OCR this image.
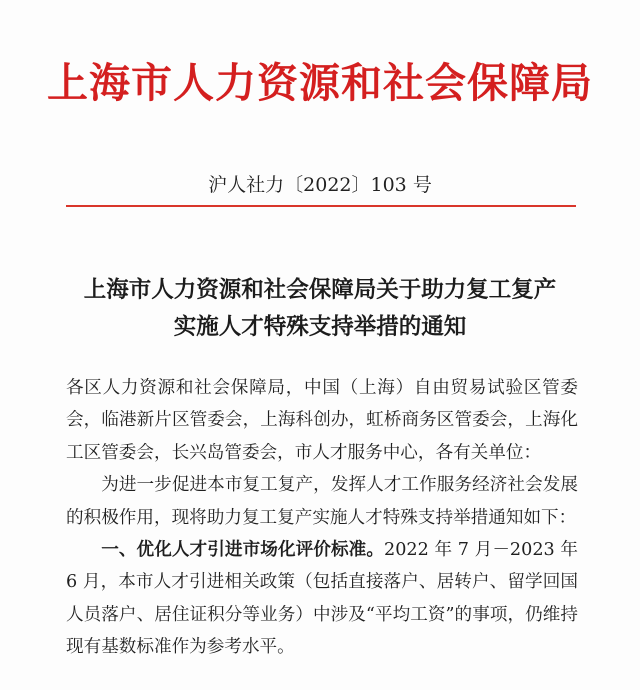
上海市人力资源和社会保障局
沪人社力〔2022〕103 号
上海市人力资源和社会保障局关于助力复工复产
实施人才特殊支持举措的通知

各区人力资源和社会保障局，中国（上海）自由贸易试验区管委会，临港新片区管委会，上海科创办，虹桥商务区管委会，上海化工区管委会，长兴岛管委会，市人才服务中心，各有关单位：

为进一步促进本市复工复产，发挥人才工作服务经济社会发展的积极作用，现将助力复工复产实施人才特殊支持举措通知如下：

一、优化人才引进市场化评价标准。2022 年 7 月－2023 年 6 月，本市人才引进相关政策（包括直接落户、居转户、留学回国人员落户、居住证积分等业务）中涉及“平均工资”的事项，仍维持现有基数标准作为参考水平。
